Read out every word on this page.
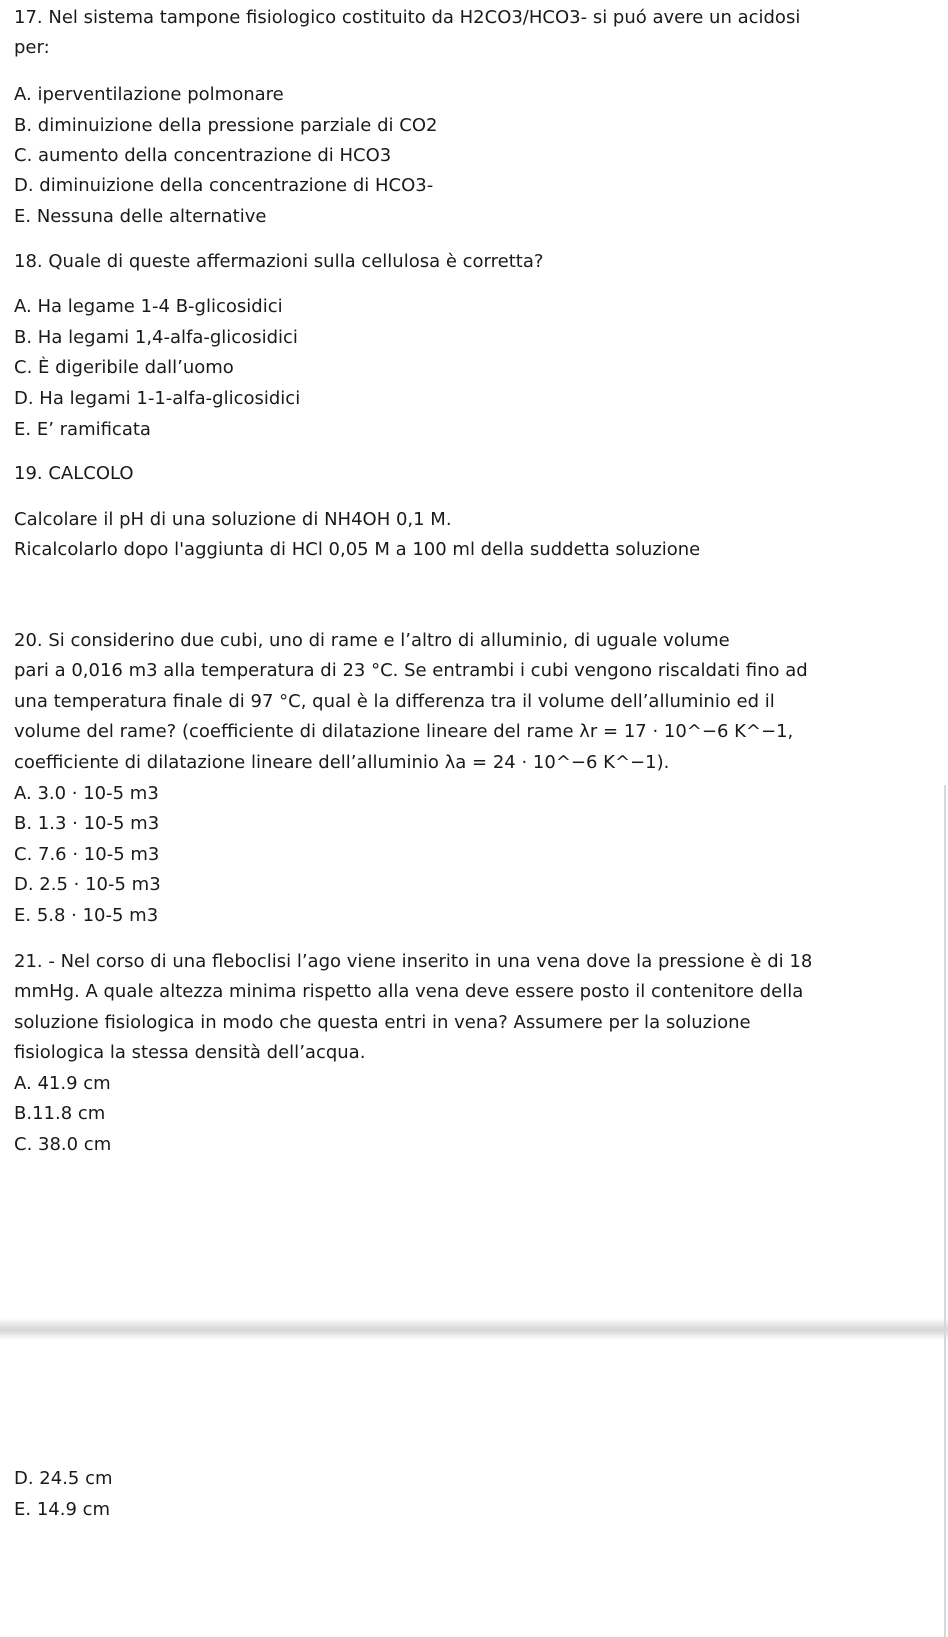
17. Nel sistema tampone fisiologico costituito da H2CO3/HCO3- si puó avere un acidosi
per:
A. iperventilazione polmonare
B. diminuizione della pressione parziale di CO2
C. aumento della concentrazione di HCO3
D. diminuizione della concentrazione di HCO3-
E. Nessuna delle alternative
18. Quale di queste affermazioni sulla cellulosa è corretta?
A. Ha legame 1-4 B-glicosidici
B. Ha legami 1,4-alfa-glicosidici
C. È digeribile dall’uomo
D. Ha legami 1-1-alfa-glicosidici
E. E’ ramificata
19. CALCOLO
Calcolare il pH di una soluzione di NH4OH 0,1 M.
Ricalcolarlo dopo l'aggiunta di HCl 0,05 M a 100 ml della suddetta soluzione
20. Si considerino due cubi, uno di rame e l’altro di alluminio, di uguale volume
pari a 0,016 m3 alla temperatura di 23 °C. Se entrambi i cubi vengono riscaldati fino ad
una temperatura finale di 97 °C, qual è la differenza tra il volume dell’alluminio ed il
volume del rame? (coefficiente di dilatazione lineare del rame λr = 17 · 10^−6 K^−1,
coefficiente di dilatazione lineare dell’alluminio λa = 24 · 10^−6 K^−1).
A. 3.0 · 10-5 m3
B. 1.3 · 10-5 m3
C. 7.6 · 10-5 m3
D. 2.5 · 10-5 m3
E. 5.8 · 10-5 m3
21. - Nel corso di una fleboclisi l’ago viene inserito in una vena dove la pressione è di 18
mmHg. A quale altezza minima rispetto alla vena deve essere posto il contenitore della
soluzione fisiologica in modo che questa entri in vena? Assumere per la soluzione
fisiologica la stessa densità dell’acqua.
A. 41.9 cm
B.11.8 cm
C. 38.0 cm
D. 24.5 cm
E. 14.9 cm
